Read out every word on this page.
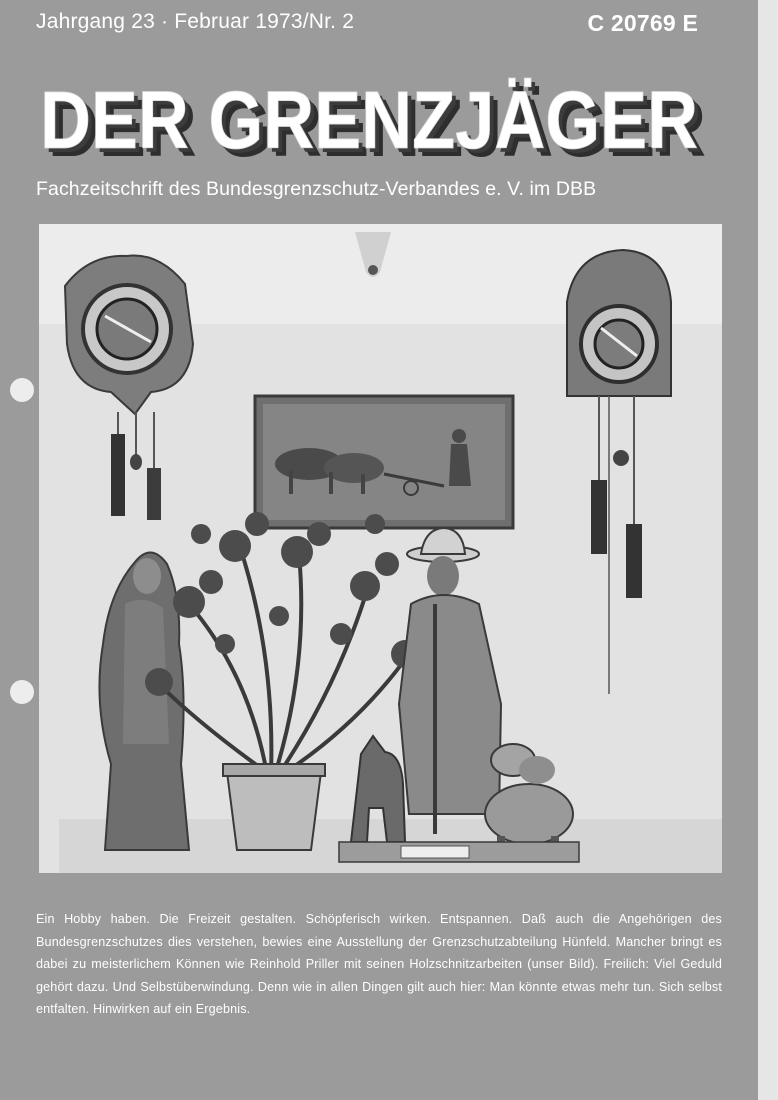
Jahrgang 23 · Februar 1973/Nr. 2	C 20769 E
DER GRENZJÄGER
DER GRENZJÄGER
DER GRENZJÄGER
Fachzeitschrift des Bundesgrenzschutz-Verbandes e. V. im DBB
Ein Hobby haben. Die Freizeit gestalten. Schöpferisch wirken. Entspannen. Daß auch die Angehörigen des Bundesgrenzschutzes dies verstehen, bewies eine Ausstellung der Grenzschutzabteilung Hünfeld. Mancher bringt es dabei zu meisterlichem Können wie Reinhold Priller mit seinen Holzschnitzarbeiten (unser Bild). Freilich: Viel Geduld gehört dazu. Und Selbstüberwindung. Denn wie in allen Dingen gilt auch hier: Man könnte etwas mehr tun. Sich selbst entfalten. Hinwirken auf ein Ergebnis.
